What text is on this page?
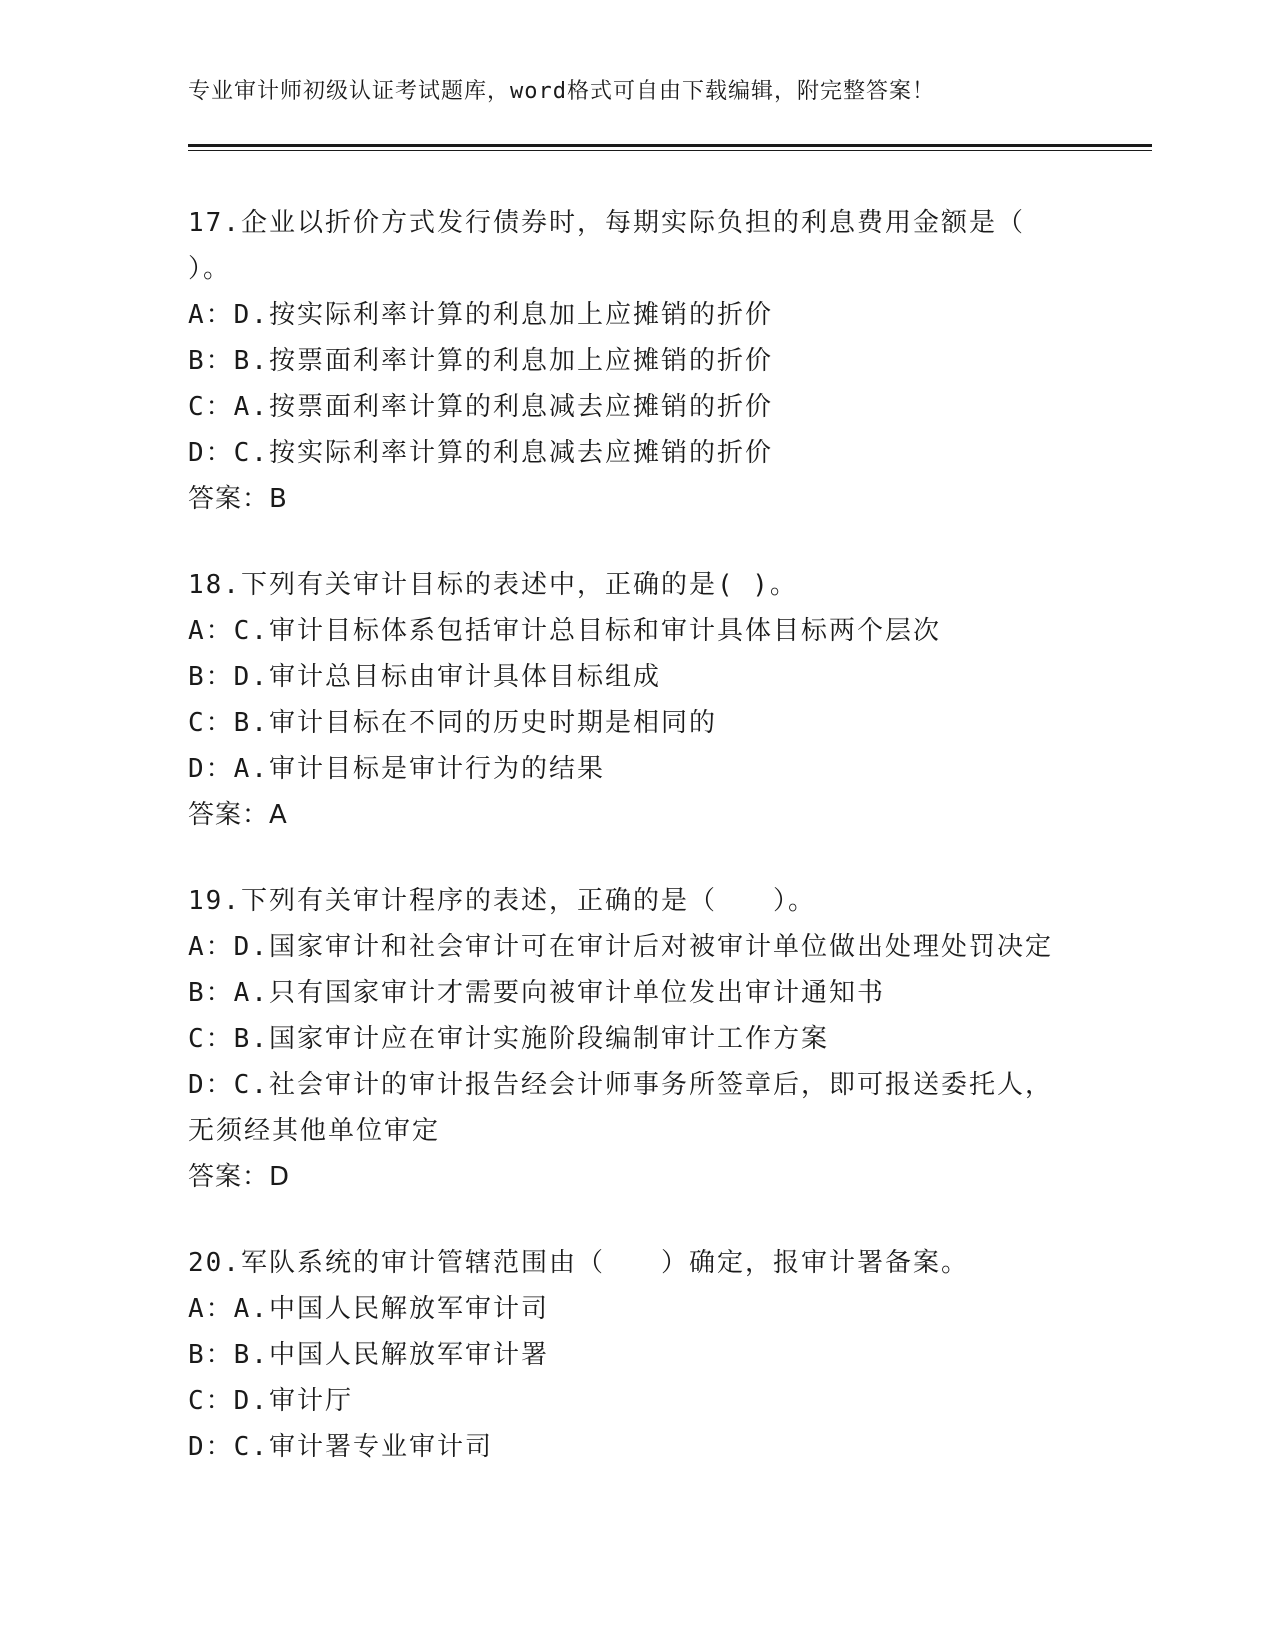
专业审计师初级认证考试题库，word格式可自由下载编辑，附完整答案！
17.企业以折价方式发行债券时，每期实际负担的利息费用金额是（
）。
A：D.按实际利率计算的利息加上应摊销的折价
B：B.按票面利率计算的利息加上应摊销的折价
C：A.按票面利率计算的利息减去应摊销的折价
D：C.按实际利率计算的利息减去应摊销的折价
答案：B
18.下列有关审计目标的表述中，正确的是( )。
A：C.审计目标体系包括审计总目标和审计具体目标两个层次
B：D.审计总目标由审计具体目标组成
C：B.审计目标在不同的历史时期是相同的
D：A.审计目标是审计行为的结果
答案：A
19.下列有关审计程序的表述，正确的是（　　）。
A：D.国家审计和社会审计可在审计后对被审计单位做出处理处罚决定
B：A.只有国家审计才需要向被审计单位发出审计通知书
C：B.国家审计应在审计实施阶段编制审计工作方案
D：C.社会审计的审计报告经会计师事务所签章后，即可报送委托人，
无须经其他单位审定
答案：D
20.军队系统的审计管辖范围由（　　）确定，报审计署备案。
A：A.中国人民解放军审计司
B：B.中国人民解放军审计署
C：D.审计厅
D：C.审计署专业审计司
